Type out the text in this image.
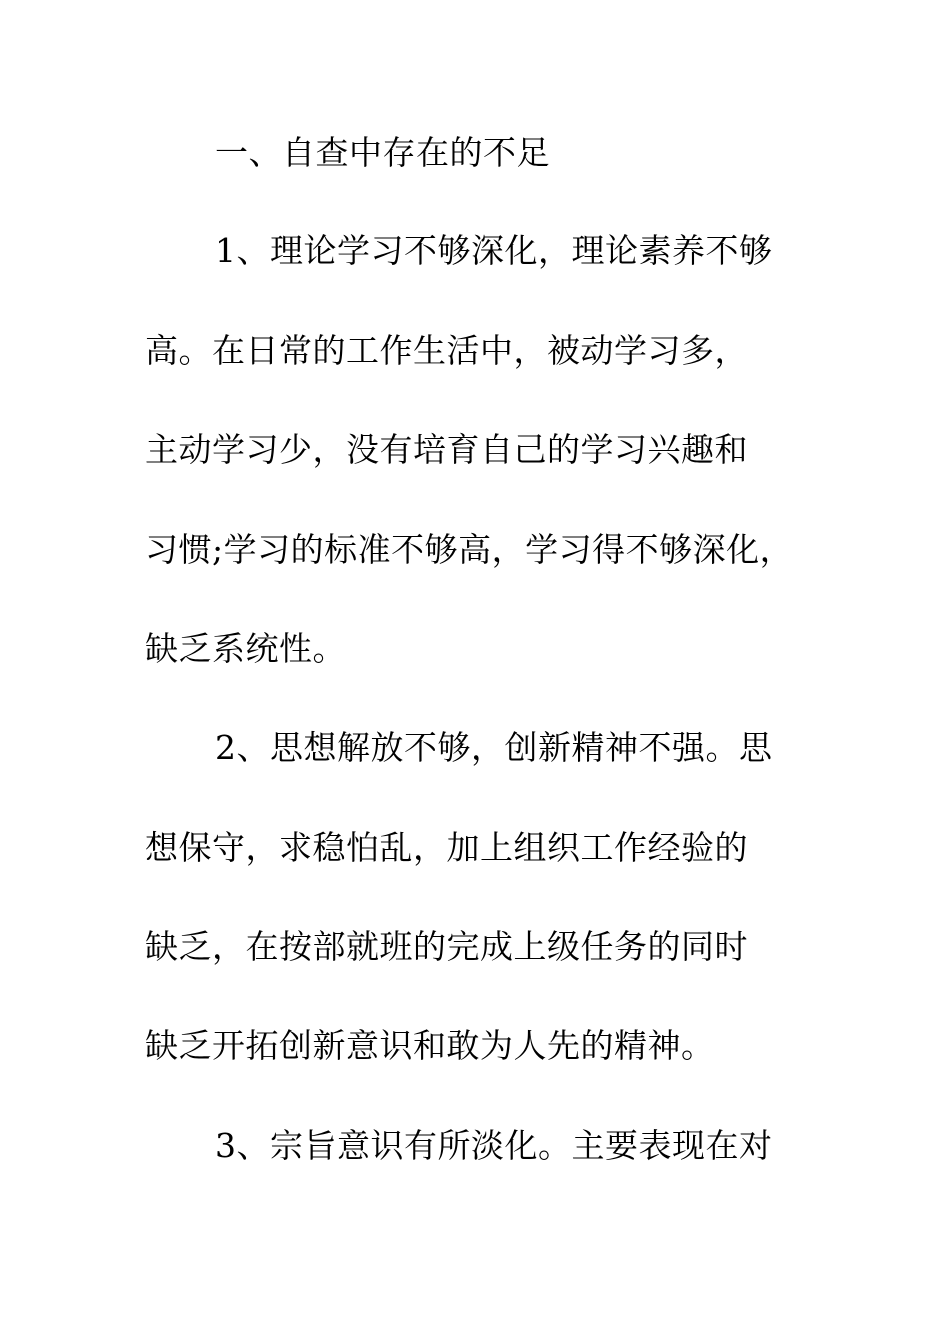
一、自查中存在的不足
1、理论学习不够深化，理论素养不够
高。在日常的工作生活中，被动学习多，
主动学习少，没有培育自己的学习兴趣和
习惯;学习的标准不够高，学习得不够深化，
缺乏系统性。
2、思想解放不够，创新精神不强。思
想保守，求稳怕乱，加上组织工作经验的
缺乏，在按部就班的完成上级任务的同时
缺乏开拓创新意识和敢为人先的精神。
3、宗旨意识有所淡化。主要表现在对
